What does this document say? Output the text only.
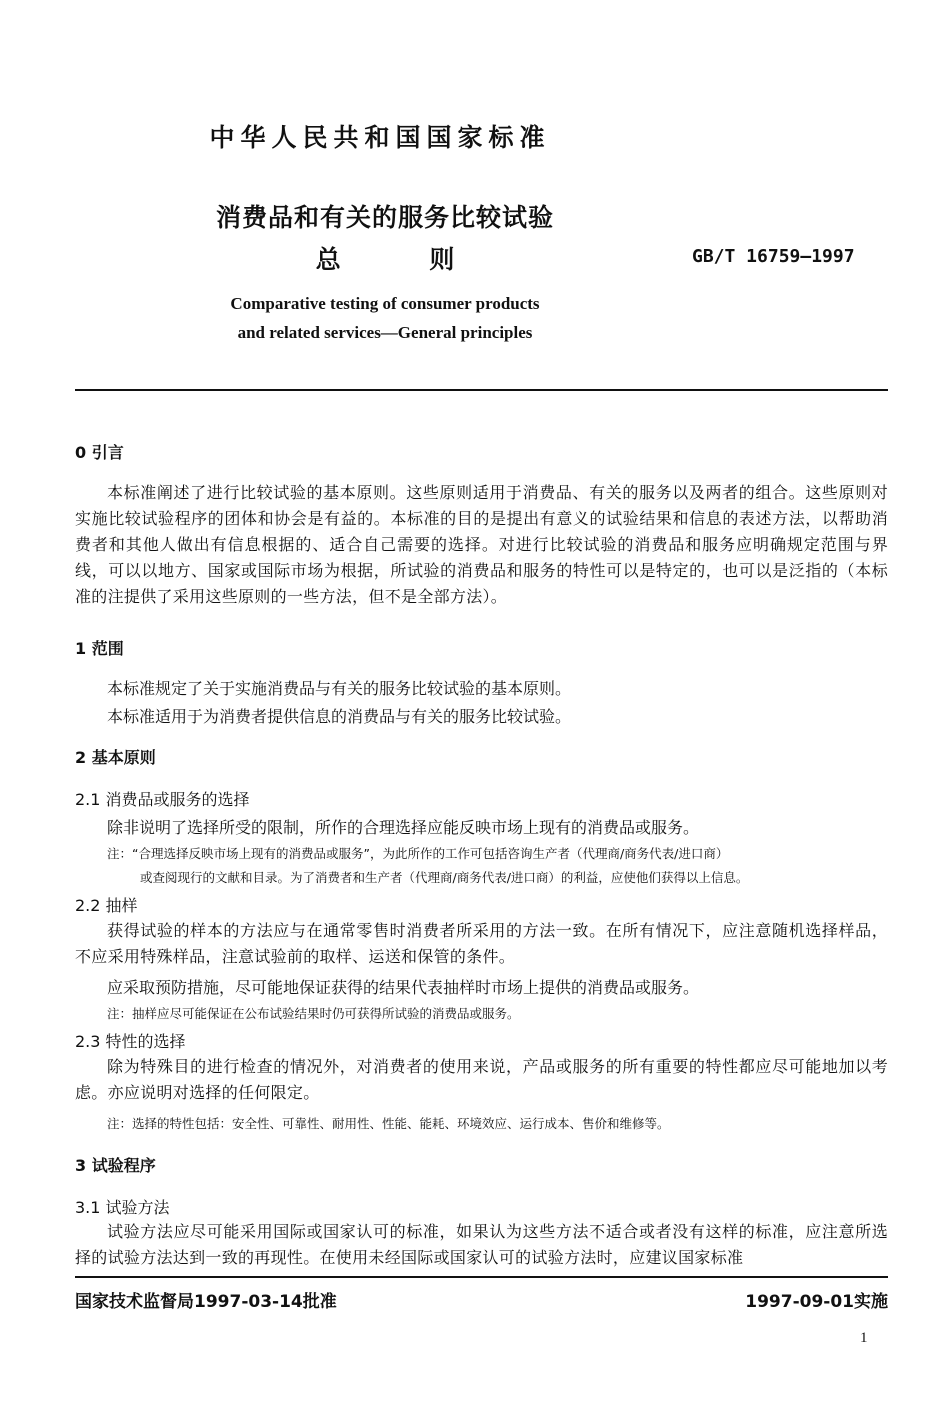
中华人民共和国国家标准
消费品和有关的服务比较试验
总 则	GB/T 16759—1997
Comparative testing of consumer products
and related services—General principles
0 引言
本标准阐述了进行比较试验的基本原则。这些原则适用于消费品、有关的服务以及两者的组合。这些原则对实施比较试验程序的团体和协会是有益的。本标准的目的是提出有意义的试验结果和信息的表述方法，以帮助消费者和其他人做出有信息根据的、适合自己需要的选择。对进行比较试验的消费品和服务应明确规定范围与界线，可以以地方、国家或国际市场为根据，所试验的消费品和服务的特性可以是特定的，也可以是泛指的（本标准的注提供了采用这些原则的一些方法，但不是全部方法）。
1 范围
本标准规定了关于实施消费品与有关的服务比较试验的基本原则。
本标准适用于为消费者提供信息的消费品与有关的服务比较试验。
2 基本原则
2.1 消费品或服务的选择
除非说明了选择所受的限制，所作的合理选择应能反映市场上现有的消费品或服务。
注：“合理选择反映市场上现有的消费品或服务”，为此所作的工作可包括咨询生产者（代理商/商务代表/进口商）
或查阅现行的文献和目录。为了消费者和生产者（代理商/商务代表/进口商）的利益，应使他们获得以上信息。
2.2 抽样
获得试验的样本的方法应与在通常零售时消费者所采用的方法一致。在所有情况下，应注意随机选择样品，不应采用特殊样品，注意试验前的取样、运送和保管的条件。
应采取预防措施，尽可能地保证获得的结果代表抽样时市场上提供的消费品或服务。
注：抽样应尽可能保证在公布试验结果时仍可获得所试验的消费品或服务。
2.3 特性的选择
除为特殊目的进行检查的情况外，对消费者的使用来说，产品或服务的所有重要的特性都应尽可能地加以考虑。亦应说明对选择的任何限定。
注：选择的特性包括：安全性、可靠性、耐用性、性能、能耗、环境效应、运行成本、售价和维修等。
3 试验程序
3.1 试验方法
试验方法应尽可能采用国际或国家认可的标准，如果认为这些方法不适合或者没有这样的标准，应注意所选择的试验方法达到一致的再现性。在使用未经国际或国家认可的试验方法时，应建议国家标准
国家技术监督局1997-03-14批准	1997-09-01实施
1
